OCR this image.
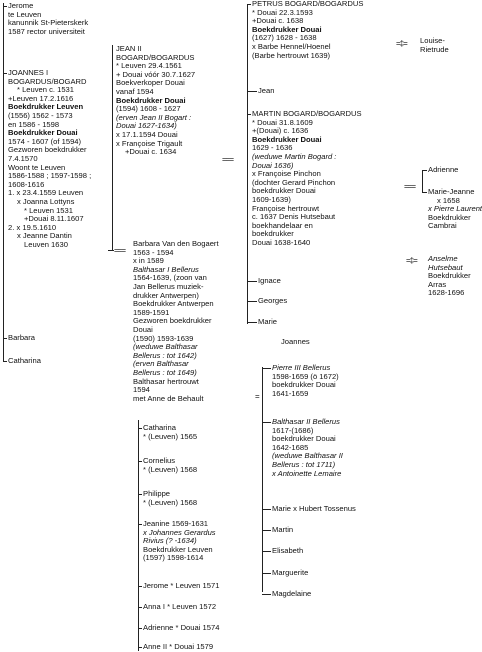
Jerome
te Leuven
kanunnik St-Pieterskerk
1587 rector universiteit
JOANNES I
BOGARDUS/BOGARD
* Leuven c. 1531
+Leuven 17.2.1616
Boekdrukker Leuven
(1556) 1562 - 1573
en 1586 - 1598
Boekdrukker Douai
1574 - 1607 (of 1594)
Gezworen boekdrukker
7.4.1570
Woont te Leuven
1586-1588 ; 1597-1598 ;
1608-1616
1. x 23.4.1559 Leuven
x Joanna Lottyns
* Leuven 1531
+Douai 8.11.1607
2. x 19.5.1610
x Jeanne Dantin
Leuven 1630
Barbara
Catharina
===
JEAN II
BOGARD/BOGARDUS
* Leuven 29.4.1561
+ Douai vóór 30.7.1627
Boekverkoper Douai
vanaf 1594
Boekdrukker Douai
(1594) 1608 - 1627
(erven Jean II Bogart :
Douai 1627-1634)
x 17.1.1594 Douai
x Françoise Trigault
+Douai c. 1634
Barbara Van den Bogaert
1563 - 1594
x in 1589
Balthasar I Bellerus
1564-1639, (zoon van
Jan Bellerus muziek-
drukker Antwerpen)
Boekdrukker Antwerpen
1589-1591
Gezworen boekdrukker
Douai
(1590) 1593-1639
(weduwe Balthasar
Bellerus : tot 1642)
(erven Balthasar
Bellerus : tot 1649)
Balthasar hertrouwt
1594
met Anne de Behault
Catharina
* (Leuven) 1565
Cornelius
* (Leuven) 1568
Philippe
* (Leuven) 1568
Jeanine 1569-1631
x Johannes Gerardus
Rivius (? -1634)
Boekdrukker Leuven
(1597) 1598-1614
Jerome * Leuven 1571
Anna I * Leuven 1572
Adrienne * Douai 1574
Anne II * Douai 1579
===
PETRUS BOGARD/BOGARDUS
* Douai 22.3.1593
+Douai c. 1638
Boekdrukker Douai
(1627) 1628 - 1638
x Barbe Hennel/Hoenel
(Barbe hertrouwt 1639)
Jean
MARTIN BOGARD/BOGARDUS
* Douai 31.8.1609
+(Douai) c. 1636
Boekdrukker Douai
1629 - 1636
(weduwe Martin Bogard :
Douai 1636)
x Françoise Pinchon
(dochter Gerard Pinchon
boekdrukker Douai
1609-1639)
Françoise hertrouwt
c. 1637 Denis Hutsebaut
boekhandelaar en
boekdrukker
Douai 1638-1640
Ignace
Georges
Marie
Joannes
=
Pierre III Bellerus
1598-1659 (ö 1672)
boekdrukker Douai
1641-1659
Balthasar II Bellerus
1617-(1686)
boekdrukker Douai
1642-1685
(weduwe Balthasar II
Bellerus : tot 1711)
x Antoinette Lemaire
Marie x Hubert Tossenus
Martin
Elisabeth
Marguerite
Magdelaine
=‡= Louise-
Rietrude
===
Adrienne
Marie-Jeanne
x 1658
x Pierre Laurent
Boekdrukker
Cambrai
=‡= Anselme
Hutsebaut
Boekdrukker
Arras
1628-1696
